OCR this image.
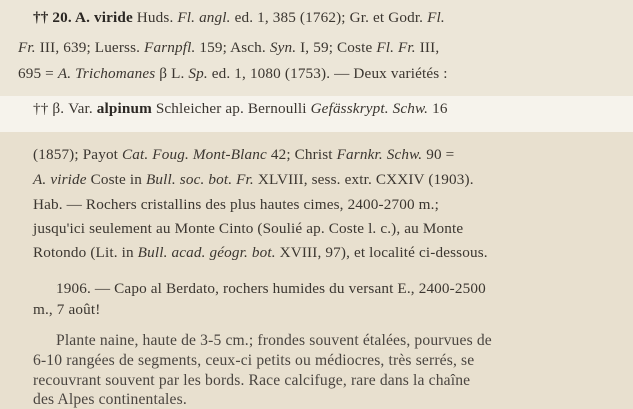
†† 20. A. viride Huds. Fl. angl. ed. 1, 385 (1762); Gr. et Godr. Fl.
Fr. III, 639; Luerss. Farnpfl. 159; Asch. Syn. I, 59; Coste Fl. Fr. III,
695 = A. Trichomanes β L. Sp. ed. 1, 1080 (1753). — Deux variétés :
†† β. Var. alpinum Schleicher ap. Bernoulli Gefässkrypt. Schw. 16
(1857); Payot Cat. Foug. Mont-Blanc 42; Christ Farnkr. Schw. 90 =
A. viride Coste in Bull. soc. bot. Fr. XLVIII, sess. extr. CXXIV (1903).
Hab. — Rochers cristallins des plus hautes cimes, 2400-2700 m.;
jusqu'ici seulement au Monte Cinto (Soulié ap. Coste l. c.), au Monte
Rotondo (Lit. in Bull. acad. géogr. bot. XVIII, 97), et localité ci-dessous.
1906. — Capo al Berdato, rochers humides du versant E., 2400-2500
m., 7 août!
Plante naine, haute de 3-5 cm.; frondes souvent étalées, pourvues de
6-10 rangées de segments, ceux-ci petits ou médiocres, très serrés, se
recouvrant souvent par les bords. Race calcifuge, rare dans la chaîne
des Alpes continentales.
